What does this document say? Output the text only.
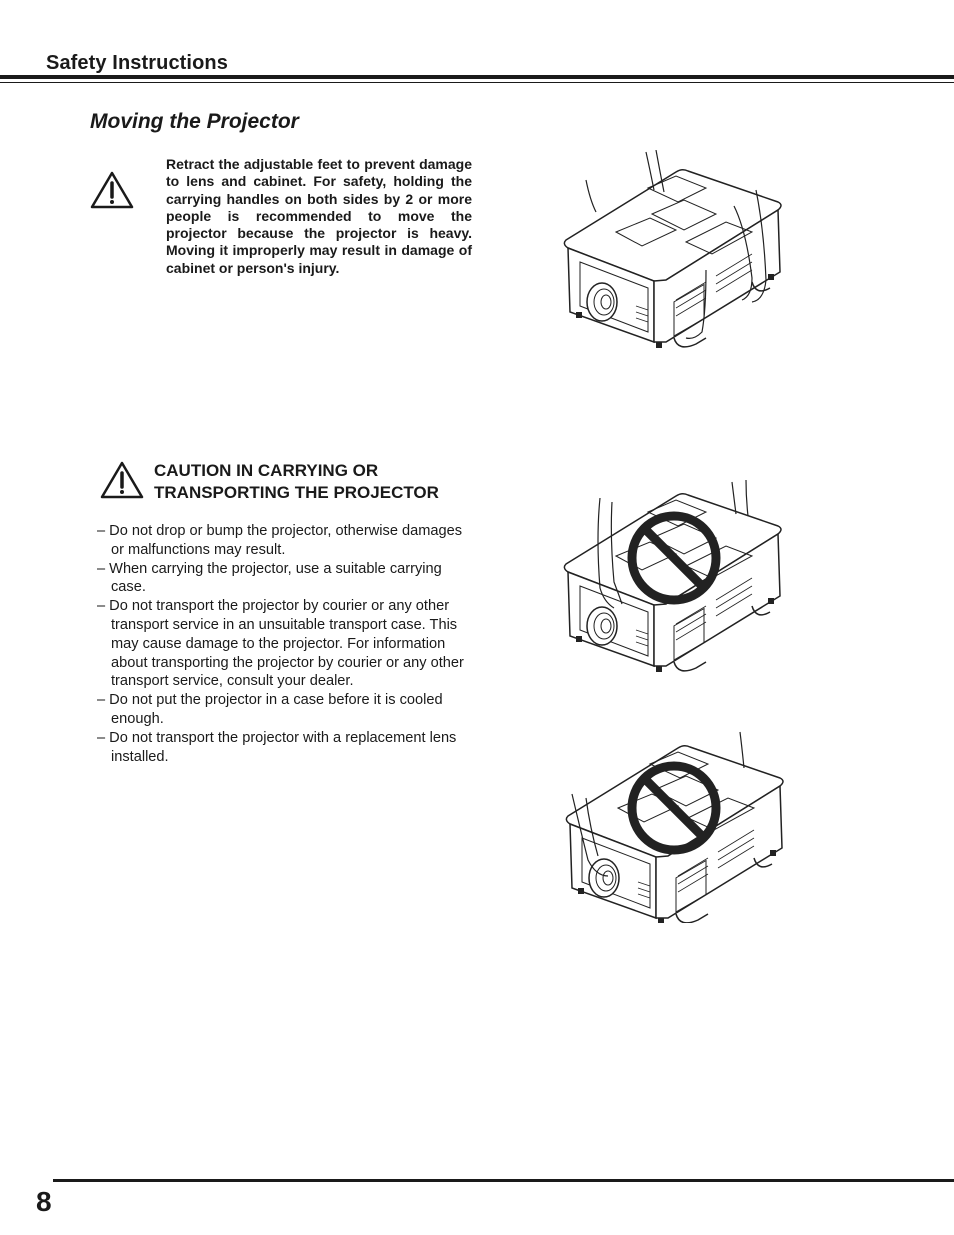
Safety Instructions
Moving the Projector

Retract the adjustable feet to prevent damage to lens and cabinet. For safety, holding the carrying handles on both sides by 2 or more people is recommended to move the projector because the projector is heavy. Moving it improperly may result in damage of cabinet or person's injury.

CAUTION IN CARRYING OR
TRANSPORTING THE PROJECTOR
– Do not drop or bump the projector, otherwise damages or malfunctions may result.
– When carrying the projector, use a suitable carrying case.
– Do not transport the projector by courier or any other transport service in an unsuitable transport case. This may cause damage to the projector. For information about transporting the projector by courier or any other transport service, consult your dealer.
– Do not put the projector in a case before it is cooled enough.
– Do not transport the projector with a replacement lens installed.
8
